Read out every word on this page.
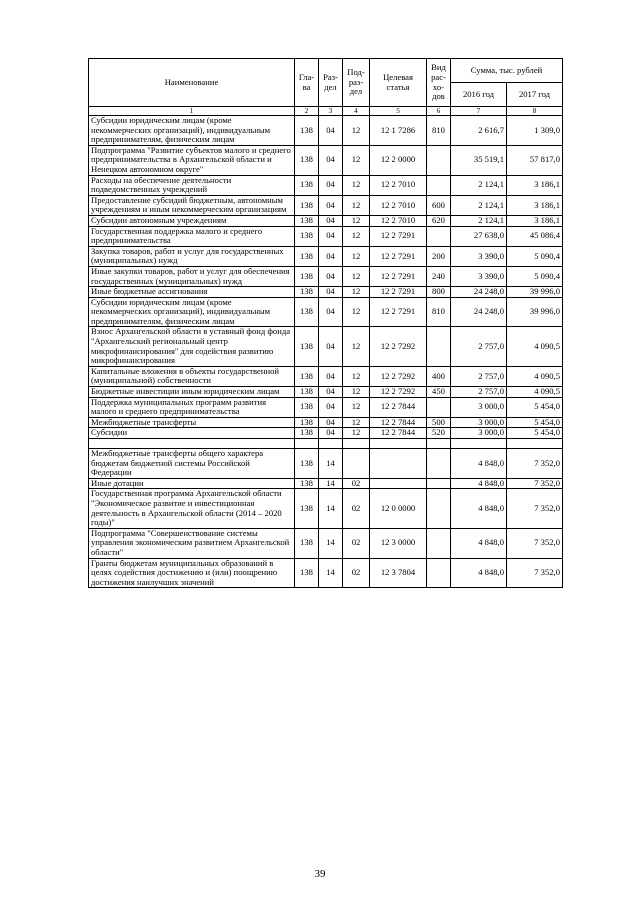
Наименование	Гла-ва	Раз-дел	Под-раз-дел	Целевая статья	Вид рас-хо-дов	Сумма, тыс. рублей	
						2016 год	2017 год
1	2	3	4	5	6	7	8
Субсидии юридическим лицам (кроме некоммерческих организаций), индивидуальным предпринимателям, физическим лицам	138	04	12	12 1 7286	810	2 616,7	1 309,0
Подпрограмма "Развитие субъектов малого и среднего предпринимательства в Архангельской области и Ненецком автономном округе"	138	04	12	12 2 0000		35 519,1	57 817,0
Расходы на обеспечение деятельности подведомственных учреждений	138	04	12	12 2 7010		2 124,1	3 186,1
Предоставление субсидий бюджетным, автономным учреждениям и иным некоммерческим организациям	138	04	12	12 2 7010	600	2 124,1	3 186,1
Субсидии автономным учреждениям	138	04	12	12 2 7010	620	2 124,1	3 186,1
Государственная поддержка малого и среднего предпринимательства	138	04	12	12 2 7291		27 638,0	45 086,4
Закупка товаров, работ и услуг для государственных (муниципальных) нужд	138	04	12	12 2 7291	200	3 390,0	5 090,4
Иные закупки товаров, работ и услуг для обеспечения государственных (муниципальных) нужд	138	04	12	12 2 7291	240	3 390,0	5 090,4
Иные бюджетные ассигнования	138	04	12	12 2 7291	800	24 248,0	39 996,0
Субсидии юридическим лицам (кроме некоммерческих организаций), индивидуальным предпринимателям, физическим лицам	138	04	12	12 2 7291	810	24 248,0	39 996,0
Взнос Архангельской области в уставный фонд фонда "Архангельский региональный центр микрофинансирования" для содействия развитию микрофинансирования	138	04	12	12 2 7292		2 757,0	4 090,5
Капитальные вложения в объекты государственной (муниципальной) собственности	138	04	12	12 2 7292	400	2 757,0	4 090,5
Бюджетные инвестиции иным юридическим лицам	138	04	12	12 2 7292	450	2 757,0	4 090,5
Поддержка муниципальных программ развития малого и среднего предпринимательства	138	04	12	12 2 7844		3 000,0	5 454,0
Межбюджетные трансферты	138	04	12	12 2 7844	500	3 000,0	5 454,0
Субсидии	138	04	12	12 2 7844	520	3 000,0	5 454,0

Межбюджетные трансферты общего характера бюджетам бюджетной системы Российской Федерации	138	14				4 848,0	7 352,0
Иные дотации	138	14	02			4 848,0	7 352,0
Государственная программа Архангельской области "Экономическое развитие и инвестиционная деятельность в Архангельской области (2014 – 2020 годы)"	138	14	02	12 0 0000		4 848,0	7 352,0
Подпрограмма "Совершенствование системы управления экономическим развитием Архангельской области"	138	14	02	12 3 0000		4 848,0	7 352,0
Гранты бюджетам муниципальных образований в целях содействия достижению и (или) поощрению достижения наилучших значений	138	14	02	12 3 7804		4 848,0	7 352,0
39
